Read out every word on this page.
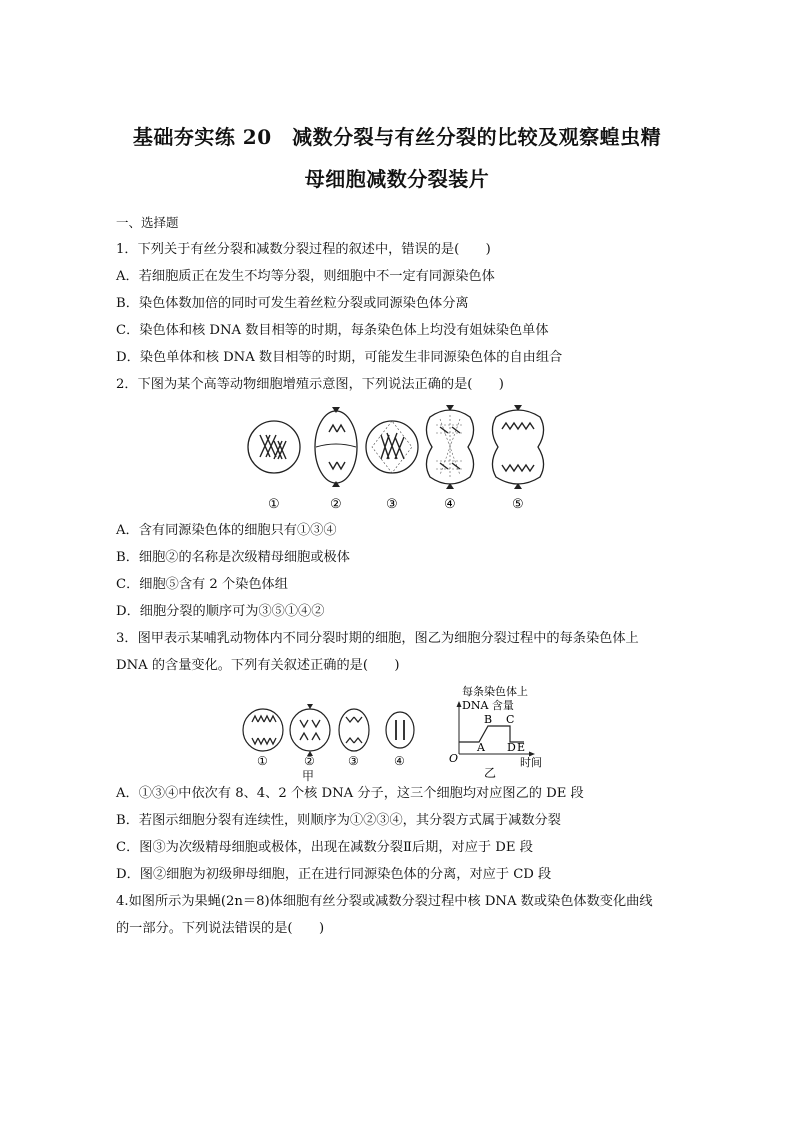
基础夯实练 20　减数分裂与有丝分裂的比较及观察蝗虫精
母细胞减数分裂装片
一、选择题
1．下列关于有丝分裂和减数分裂过程的叙述中，错误的是(　　)
A．若细胞质正在发生不均等分裂，则细胞中不一定有同源染色体
B．染色体数加倍的同时可发生着丝粒分裂或同源染色体分离
C．染色体和核 DNA 数目相等的时期，每条染色体上均没有姐妹染色单体
D．染色单体和核 DNA 数目相等的时期，可能发生非同源染色体的自由组合
2．下图为某个高等动物细胞增殖示意图，下列说法正确的是(　　)
①	②	③	④	⑤
A．含有同源染色体的细胞只有①③④
B．细胞②的名称是次级精母细胞或极体
C．细胞⑤含有 2 个染色体组
D．细胞分裂的顺序可为③⑤①④②
3．图甲表示某哺乳动物体内不同分裂时期的细胞，图乙为细胞分裂过程中的每条染色体上
DNA 的含量变化。下列有关叙述正确的是(　　)
①	②	③	④
甲
每条染色体上
DNA 含量
O
A
B C
D E
时间
乙
A．①③④中依次有 8、4、2 个核 DNA 分子，这三个细胞均对应图乙的 DE 段
B．若图示细胞分裂有连续性，则顺序为①②③④，其分裂方式属于减数分裂
C．图③为次级精母细胞或极体，出现在减数分裂Ⅱ后期，对应于 DE 段
D．图②细胞为初级卵母细胞，正在进行同源染色体的分离，对应于 CD 段
4.如图所示为果蝇(2n＝8)体细胞有丝分裂或减数分裂过程中核 DNA 数或染色体数变化曲线
的一部分。下列说法错误的是(　　)
